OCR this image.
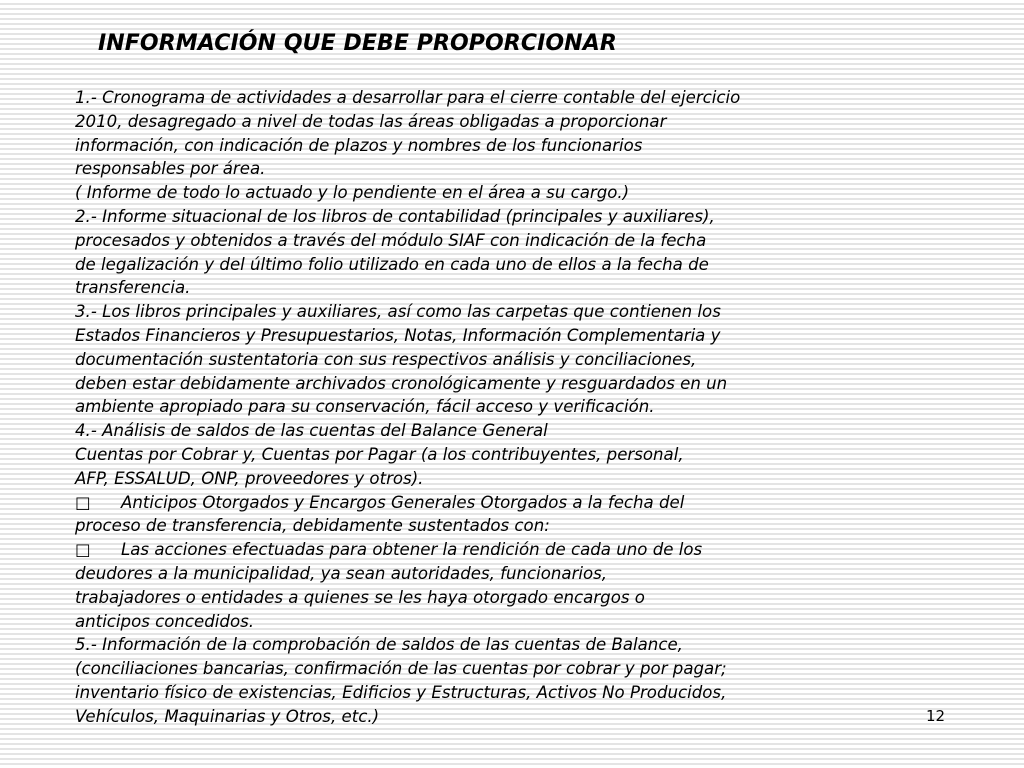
INFORMACIÓN QUE DEBE PROPORCIONAR
1.- Cronograma de actividades a desarrollar para el cierre contable del ejercicio
2010, desagregado a nivel de todas las áreas obligadas a proporcionar
información, con indicación de plazos y nombres de los funcionarios
responsables por área.
( Informe de todo lo actuado y lo pendiente en el área a su cargo.)
2.- Informe situacional de los libros de contabilidad (principales y auxiliares),
procesados y obtenidos a través del módulo SIAF con indicación de la fecha
de legalización y del último folio utilizado en cada uno de ellos a la fecha de
transferencia.
3.- Los libros principales y auxiliares, así como las carpetas que contienen los
Estados Financieros y Presupuestarios, Notas, Información Complementaria y
documentación sustentatoria con sus respectivos análisis y conciliaciones,
deben estar debidamente archivados cronológicamente y resguardados en un
ambiente apropiado para su conservación, fácil acceso y verificación.
4.- Análisis de saldos de las cuentas del Balance General
Cuentas por Cobrar y, Cuentas por Pagar (a los contribuyentes, personal,
AFP, ESSALUD, ONP, proveedores y otros).
□ Anticipos Otorgados y Encargos Generales Otorgados a la fecha del
proceso de transferencia, debidamente sustentados con:
□ Las acciones efectuadas para obtener la rendición de cada uno de los
deudores a la municipalidad, ya sean autoridades, funcionarios,
trabajadores o entidades a quienes se les haya otorgado encargos o
anticipos concedidos.
5.- Información de la comprobación de saldos de las cuentas de Balance,
(conciliaciones bancarias, confirmación de las cuentas por cobrar y por pagar;
inventario físico de existencias, Edificios y Estructuras, Activos No Producidos,
Vehículos, Maquinarias y Otros, etc.)	12
